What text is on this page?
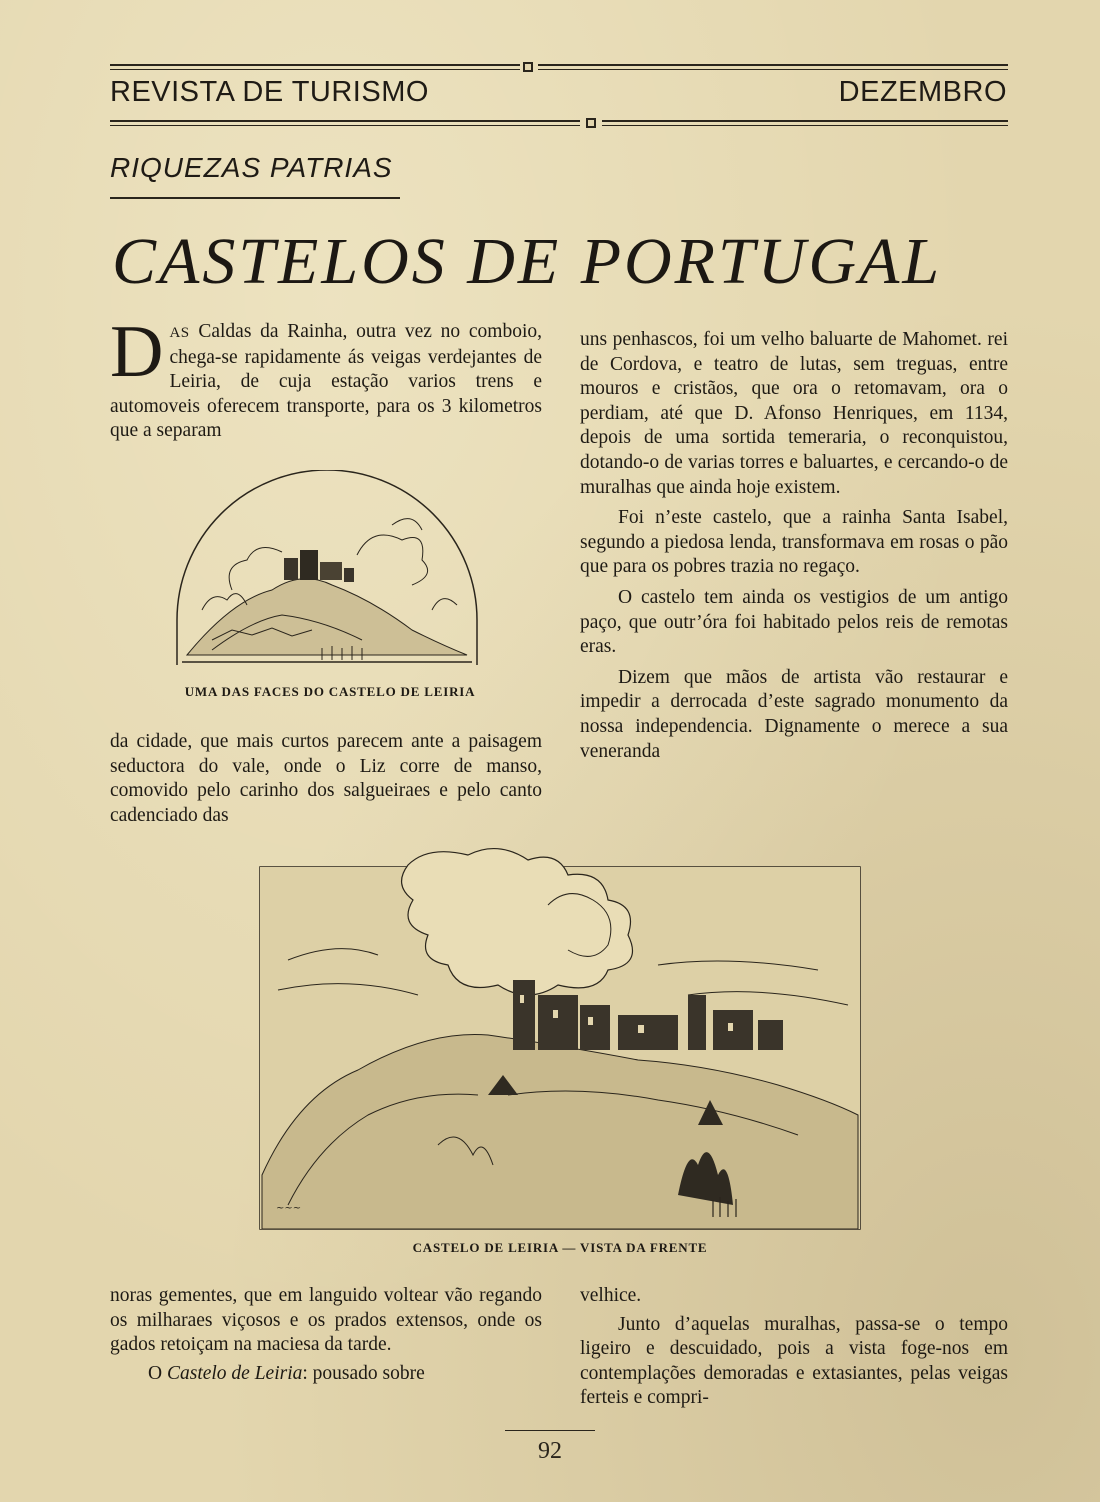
REVISTA DE TURISMO	DEZEMBRO
RIQUEZAS PATRIAS
CASTELOS DE PORTUGAL

DAS Caldas da Rainha, outra vez no comboio, chega-se rapidamente ás veigas verdejantes de Leiria, de cuja estação varios trens e automoveis oferecem transporte, para os 3 kilometros que a separam

UMA DAS FACES DO CASTELO DE LEIRIA

da cidade, que mais curtos parecem ante a paisagem seductora do vale, onde o Liz corre de manso, comovido pelo carinho dos salgueiraes e pelo canto cadenciado das

uns penhascos, foi um velho baluarte de Mahomet. rei de Cordova, e teatro de lutas, sem treguas, entre mouros e cristãos, que ora o retomavam, ora o perdiam, até que D. Afonso Henriques, em 1134, depois de uma sortida temeraria, o reconquistou, dotando-o de varias torres e baluartes, e cercando-o de muralhas que ainda hoje existem.

Foi n’este castelo, que a rainha Santa Isabel, segundo a piedosa lenda, transformava em rosas o pão que para os pobres trazia no regaço.

O castelo tem ainda os vestigios de um antigo paço, que outr’óra foi habitado pelos reis de remotas eras.

Dizem que mãos de artista vão restaurar e impedir a derrocada d’este sagrado monumento da nossa independencia. Dignamente o merece a sua veneranda

~~~
CASTELO DE LEIRIA — VISTA DA FRENTE

noras gementes, que em languido voltear vão regando os milharaes viçosos e os prados extensos, onde os gados retoiçam na maciesa da tarde.

O Castelo de Leiria: pousado sobre

velhice.

Junto d’aquelas muralhas, passa-se o tempo ligeiro e descuidado, pois a vista foge-nos em contemplações demoradas e extasiantes, pelas veigas ferteis e compri-

92
